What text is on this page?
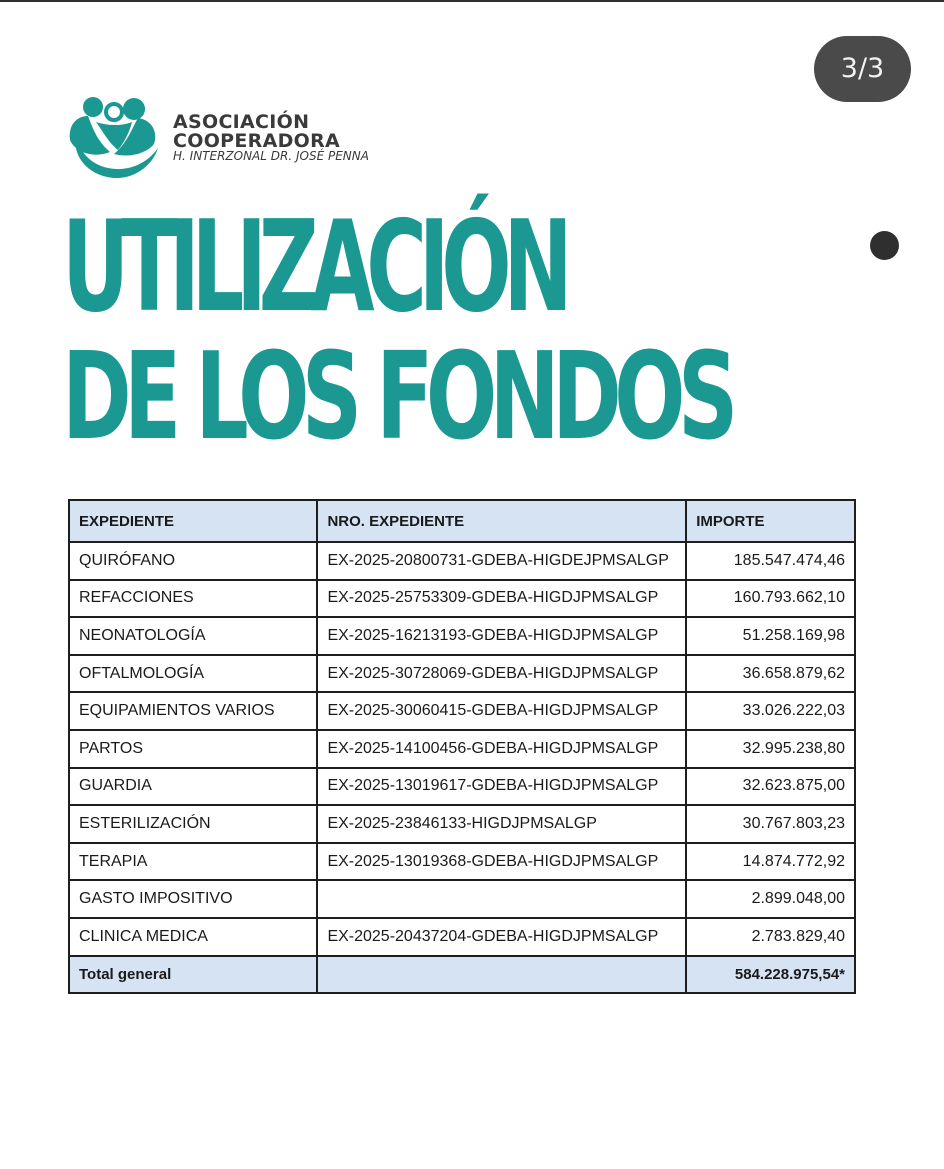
3/3
ASOCIACIÓN
COOPERADORA
H. INTERZONAL DR. JOSÉ PENNA
UTILIZACIÓN
DE LOS FONDOS
EXPEDIENTE	NRO. EXPEDIENTE	IMPORTE
QUIRÓFANO	EX-2025-20800731-GDEBA-HIGDEJPMSALGP	185.547.474,46
REFACCIONES	EX-2025-25753309-GDEBA-HIGDJPMSALGP	160.793.662,10
NEONATOLOGÍA	EX-2025-16213193-GDEBA-HIGDJPMSALGP	51.258.169,98
OFTALMOLOGÍA	EX-2025-30728069-GDEBA-HIGDJPMSALGP	36.658.879,62
EQUIPAMIENTOS VARIOS	EX-2025-30060415-GDEBA-HIGDJPMSALGP	33.026.222,03
PARTOS	EX-2025-14100456-GDEBA-HIGDJPMSALGP	32.995.238,80
GUARDIA	EX-2025-13019617-GDEBA-HIGDJPMSALGP	32.623.875,00
ESTERILIZACIÓN	EX-2025-23846133-HIGDJPMSALGP	30.767.803,23
TERAPIA	EX-2025-13019368-GDEBA-HIGDJPMSALGP	14.874.772,92
GASTO IMPOSITIVO		2.899.048,00
CLINICA MEDICA	EX-2025-20437204-GDEBA-HIGDJPMSALGP	2.783.829,40
Total general		584.228.975,54*
